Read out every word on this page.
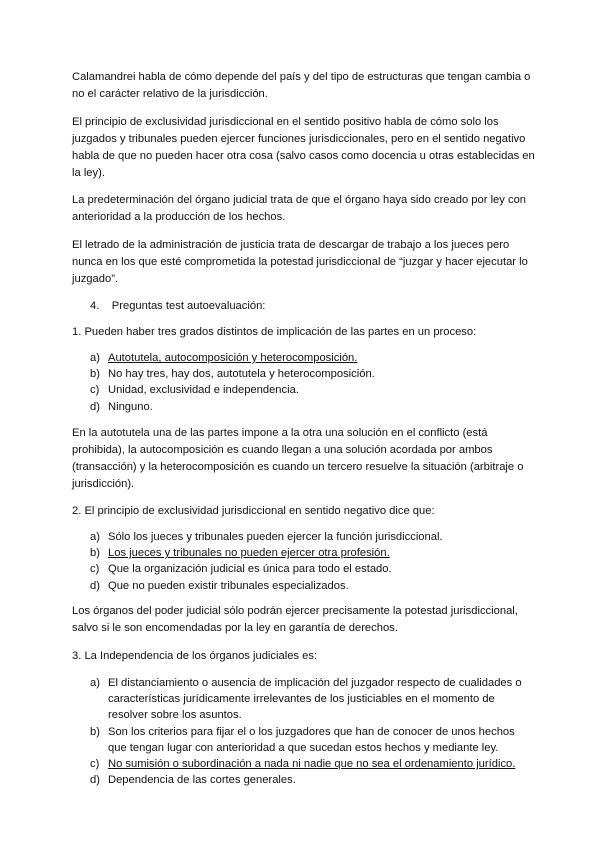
Calamandrei habla de cómo depende del país y del tipo de estructuras que tengan cambia o no el carácter relativo de la jurisdicción.

El principio de exclusividad jurisdiccional en el sentido positivo habla de cómo solo los juzgados y tribunales pueden ejercer funciones jurisdiccionales, pero en el sentido negativo habla de que no pueden hacer otra cosa (salvo casos como docencia u otras establecidas en la ley).

La predeterminación del órgano judicial trata de que el órgano haya sido creado por ley con anterioridad a la producción de los hechos.

El letrado de la administración de justicia trata de descargar de trabajo a los jueces pero nunca en los que esté comprometida la potestad jurisdiccional de “juzgar y hacer ejecutar lo juzgado”.

4. Preguntas test autoevaluación:

1. Pueden haber tres grados distintos de implicación de las partes en un proceso:

a) Autotutela, autocomposición y heterocomposición.
b) No hay tres, hay dos, autotutela y heterocomposición.
c) Unidad, exclusividad e independencia.
d) Ninguno.

En la autotutela una de las partes impone a la otra una solución en el conflicto (está prohibida), la autocomposición es cuando llegan a una solución acordada por ambos (transacción) y la heterocomposición es cuando un tercero resuelve la situación (arbitraje o jurisdicción).

2. El principio de exclusividad jurisdiccional en sentido negativo dice que:

a) Sólo los jueces y tribunales pueden ejercer la función jurisdiccional.
b) Los jueces y tribunales no pueden ejercer otra profesión.
c) Que la organización judicial es única para todo el estado.
d) Que no pueden existir tribunales especializados.

Los órganos del poder judicial sólo podrán ejercer precisamente la potestad jurisdiccional, salvo si le son encomendadas por la ley en garantía de derechos.

3. La Independencia de los órganos judiciales es:

a) El distanciamiento o ausencia de implicación del juzgador respecto de cualidades o características jurídicamente irrelevantes de los justiciables en el momento de resolver sobre los asuntos.
b) Son los criterios para fijar el o los juzgadores que han de conocer de unos hechos que tengan lugar con anterioridad a que sucedan estos hechos y mediante ley.
c) No sumisión o subordinación a nada ni nadie que no sea el ordenamiento jurídico.
d) Dependencia de las cortes generales.
